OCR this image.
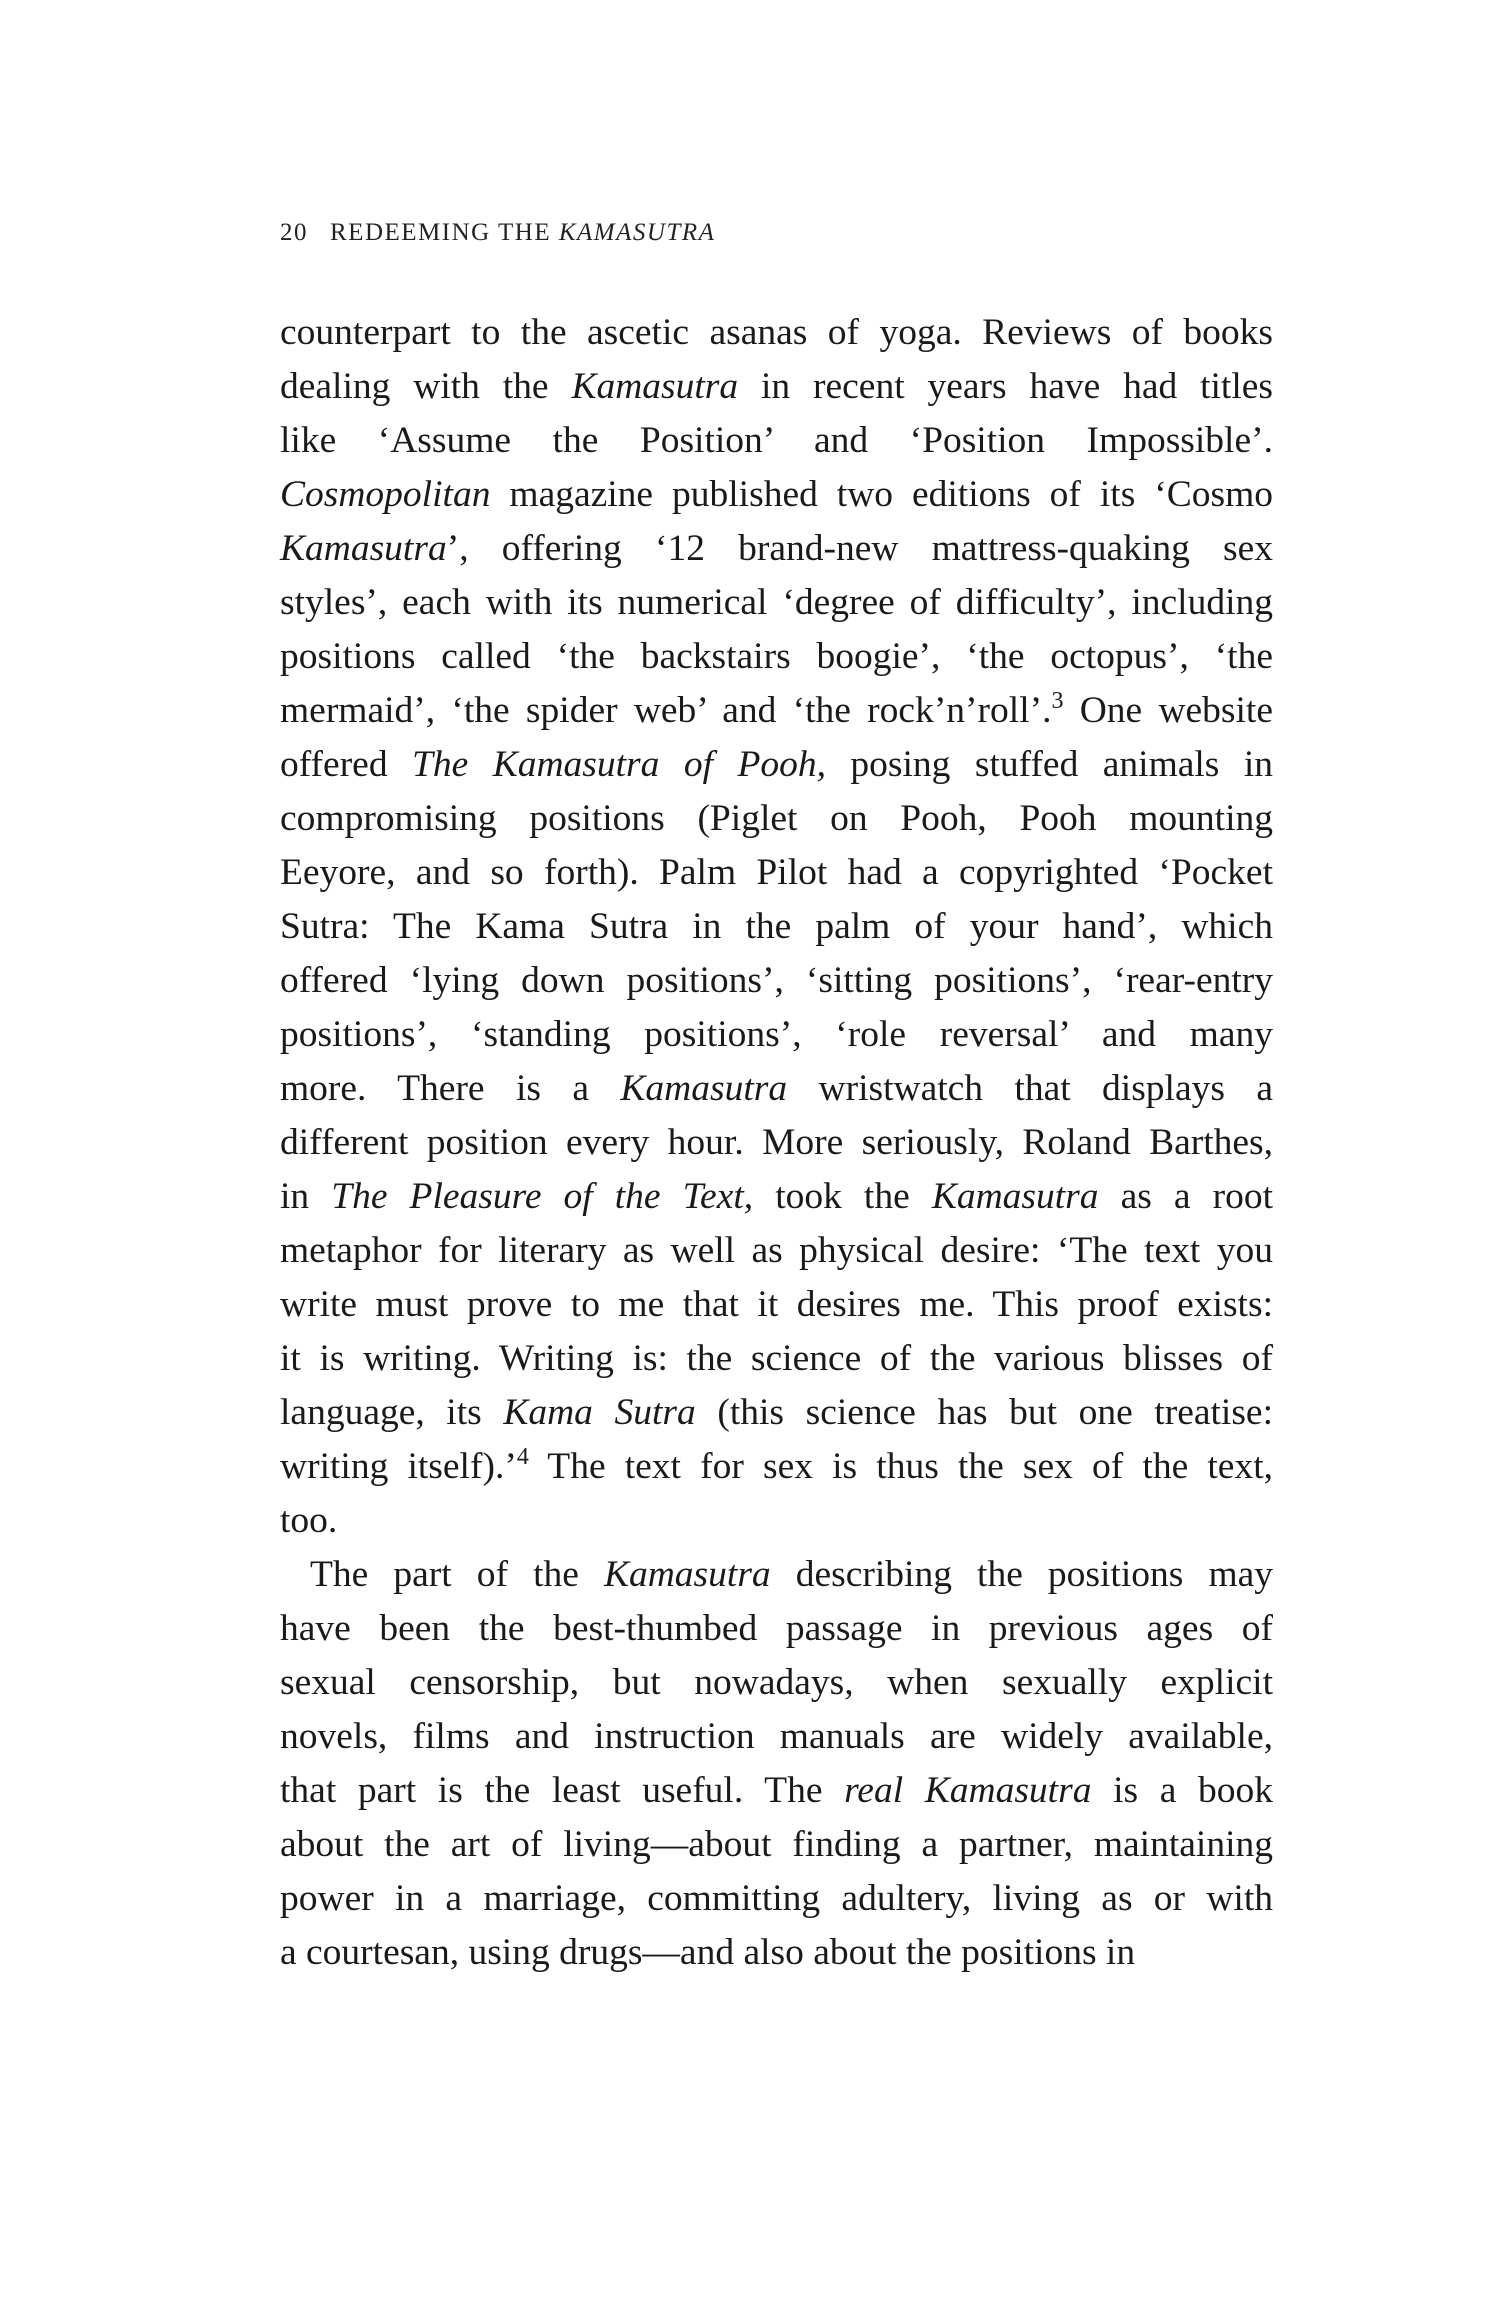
20 REDEEMING THE KAMASUTRA
counterpart to the ascetic asanas of yoga. Reviews of books
dealing with the Kamasutra in recent years have had titles
like ‘Assume the Position’ and ‘Position Impossible’.
Cosmopolitan magazine published two editions of its ‘Cosmo
Kamasutra’, offering ‘12 brand-new mattress-quaking sex
styles’, each with its numerical ‘degree of difficulty’, including
positions called ‘the backstairs boogie’, ‘the octopus’, ‘the
mermaid’, ‘the spider web’ and ‘the rock’n’roll’.$^3$ One website
offered The Kamasutra of Pooh, posing stuffed animals in
compromising positions (Piglet on Pooh, Pooh mounting
Eeyore, and so forth). Palm Pilot had a copyrighted ‘Pocket
Sutra: The Kama Sutra in the palm of your hand’, which
offered ‘lying down positions’, ‘sitting positions’, ‘rear-entry
positions’, ‘standing positions’, ‘role reversal’ and many
more. There is a Kamasutra wristwatch that displays a
different position every hour. More seriously, Roland Barthes,
in The Pleasure of the Text, took the Kamasutra as a root
metaphor for literary as well as physical desire: ‘The text you
write must prove to me that it desires me. This proof exists:
it is writing. Writing is: the science of the various blisses of
language, its Kama Sutra (this science has but one treatise:
writing itself).’$^4$ The text for sex is thus the sex of the text,
too.
The part of the Kamasutra describing the positions may
have been the best-thumbed passage in previous ages of
sexual censorship, but nowadays, when sexually explicit
novels, films and instruction manuals are widely available,
that part is the least useful. The real Kamasutra is a book
about the art of living—about finding a partner, maintaining
power in a marriage, committing adultery, living as or with
a courtesan, using drugs—and also about the positions in
